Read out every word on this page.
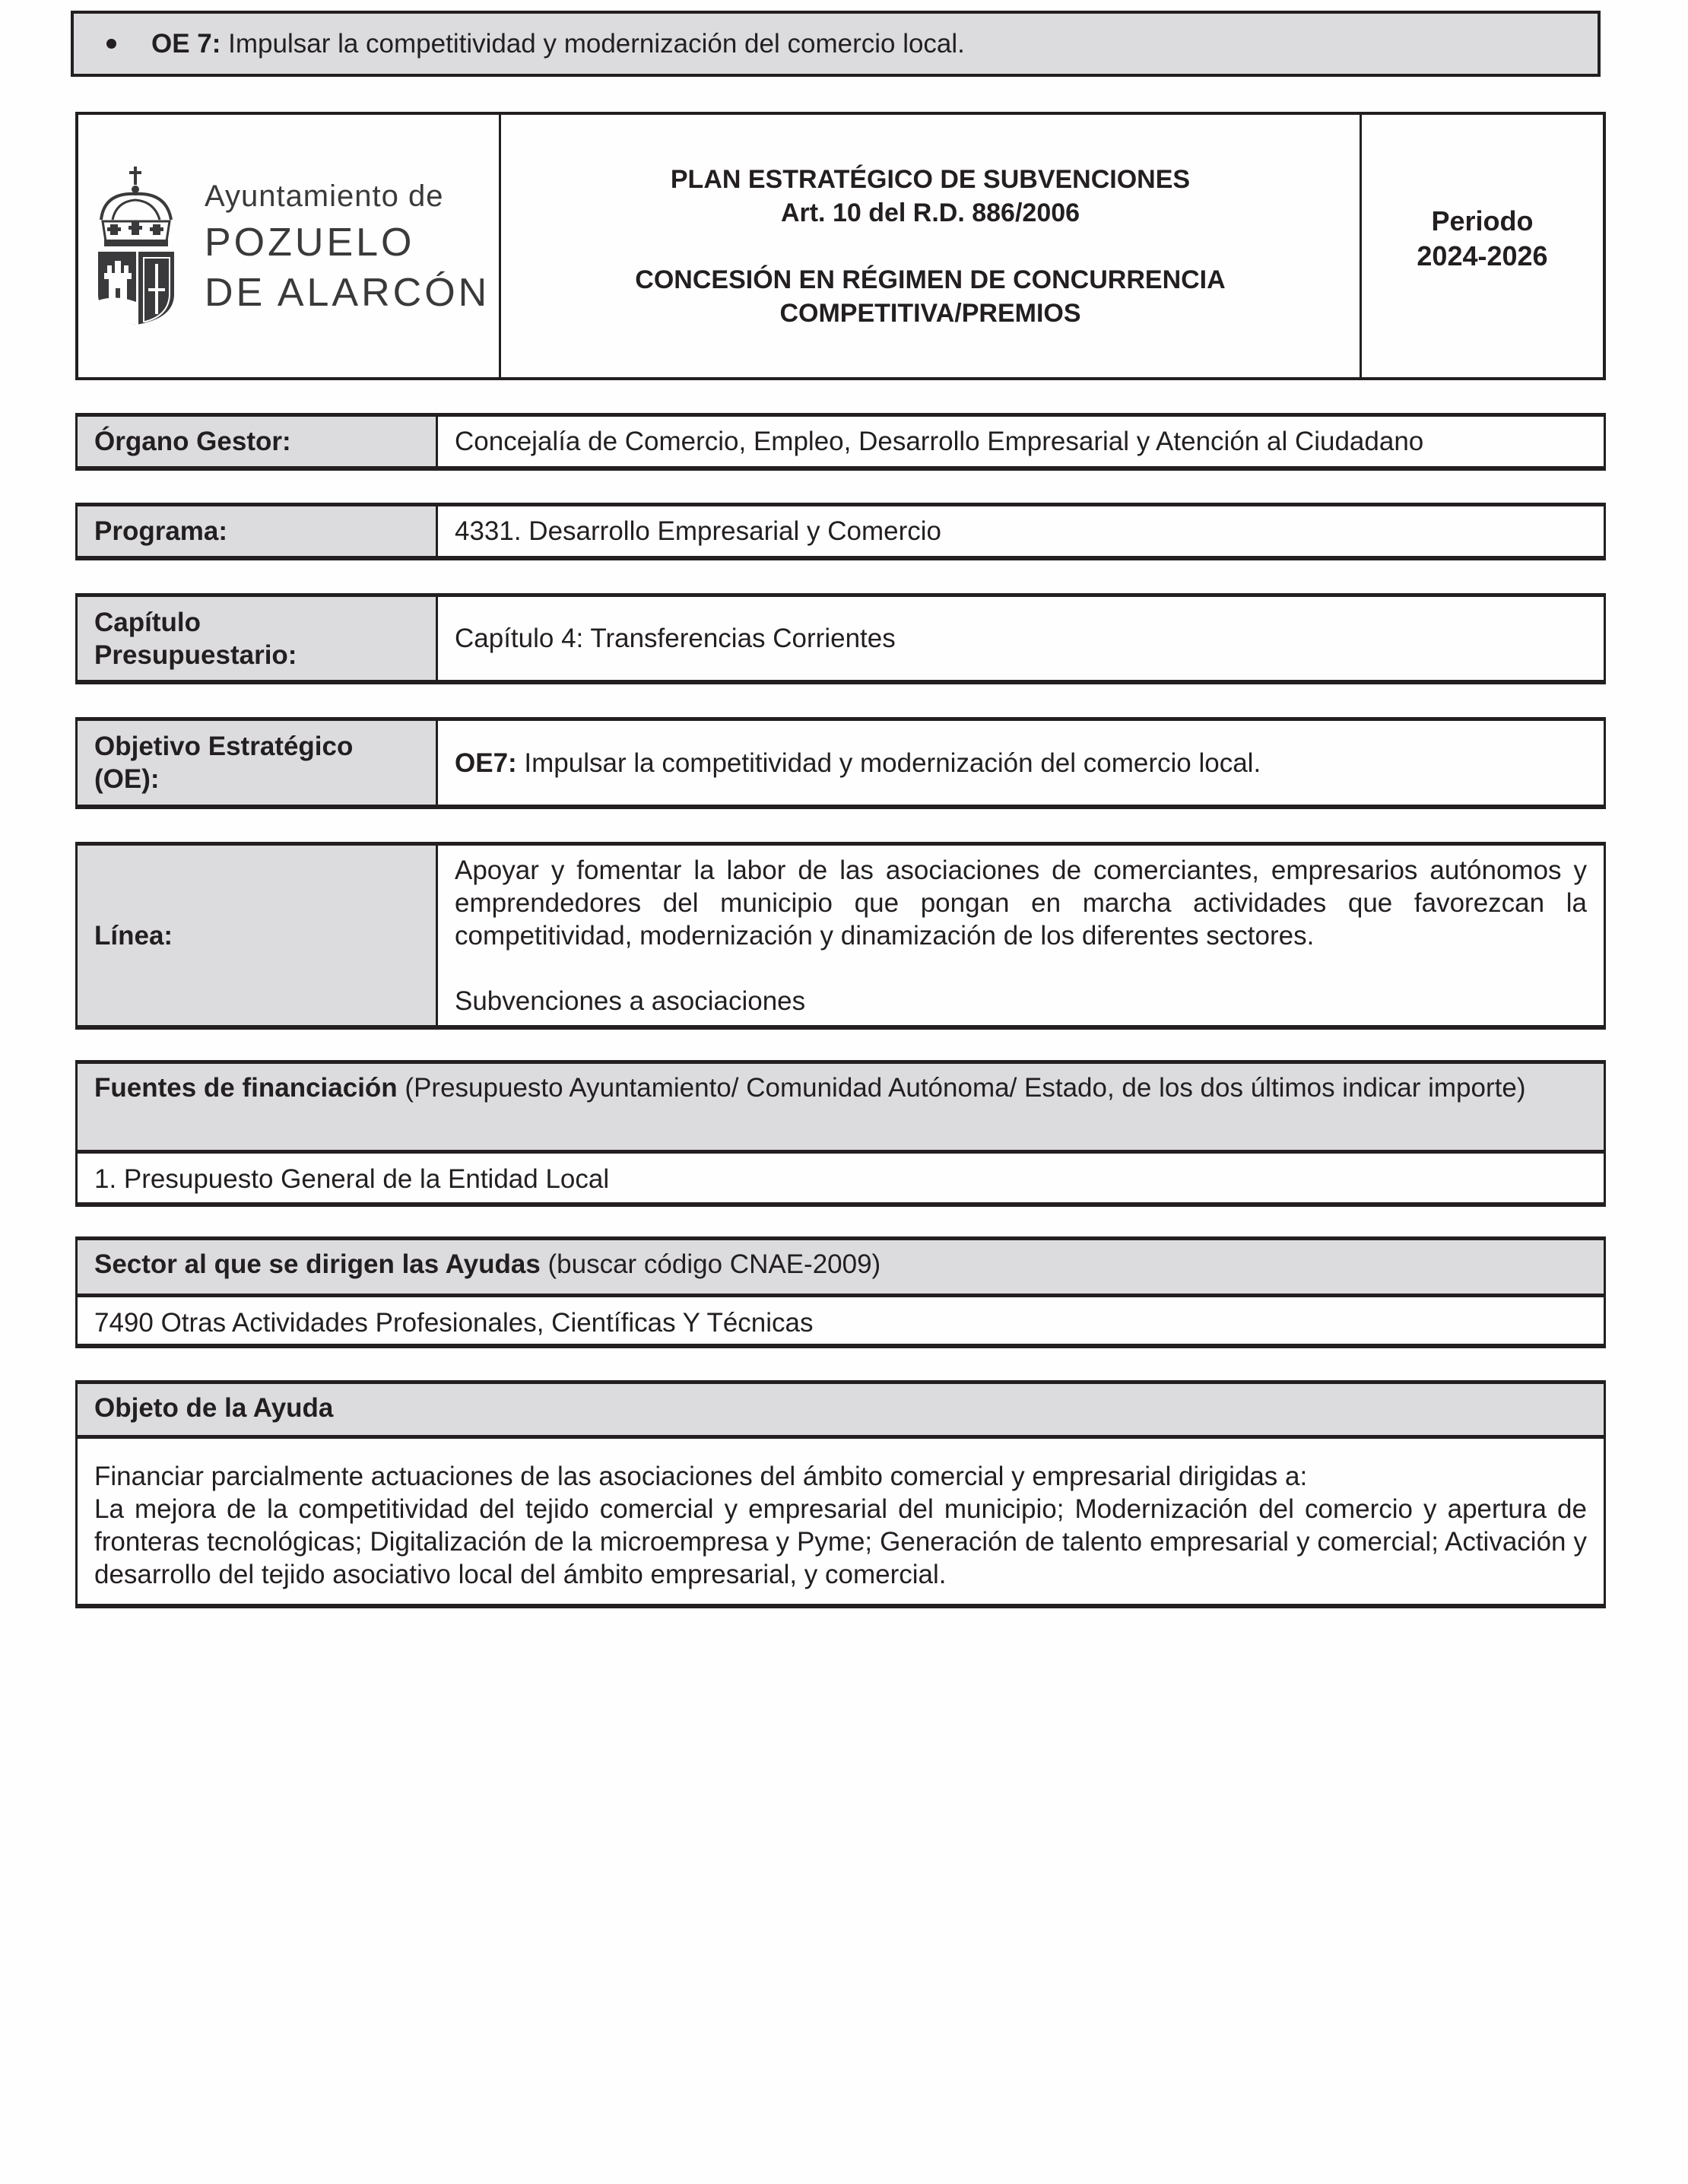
OE 7: Impulsar la competitividad y modernización del comercio local.
Ayuntamiento de
POZUELO
DE ALARCÓN
PLAN ESTRATÉGICO DE SUBVENCIONES
Art. 10 del R.D. 886/2006
CONCESIÓN EN RÉGIMEN DE CONCURRENCIA
COMPETITIVA/PREMIOS
Periodo
2024-2026
Órgano Gestor:	Concejalía de Comercio, Empleo, Desarrollo Empresarial y Atención al Ciudadano
Programa:	4331. Desarrollo Empresarial y Comercio
Capítulo
Presupuestario:
Capítulo 4: Transferencias Corrientes
Objetivo Estratégico
(OE):
OE7: Impulsar la competitividad y modernización del comercio local.
Línea:
Apoyar y fomentar la labor de las asociaciones de comerciantes, empresarios autónomos y emprendedores del municipio que pongan en marcha actividades que favorezcan la competitividad, modernización y dinamización de los diferentes sectores.
Subvenciones a asociaciones
Fuentes de financiación (Presupuesto Ayuntamiento/ Comunidad Autónoma/ Estado, de los dos últimos indicar importe)
1. Presupuesto General de la Entidad Local
Sector al que se dirigen las Ayudas (buscar código CNAE-2009)
7490 Otras Actividades Profesionales, Científicas Y Técnicas
Objeto de la Ayuda
Financiar parcialmente actuaciones de las asociaciones del ámbito comercial y empresarial dirigidas a:
La mejora de la competitividad del tejido comercial y empresarial del municipio; Modernización del comercio y apertura de fronteras tecnológicas; Digitalización de la microempresa y Pyme; Generación de talento empresarial y comercial; Activación y desarrollo del tejido asociativo local del ámbito empresarial, y comercial.
